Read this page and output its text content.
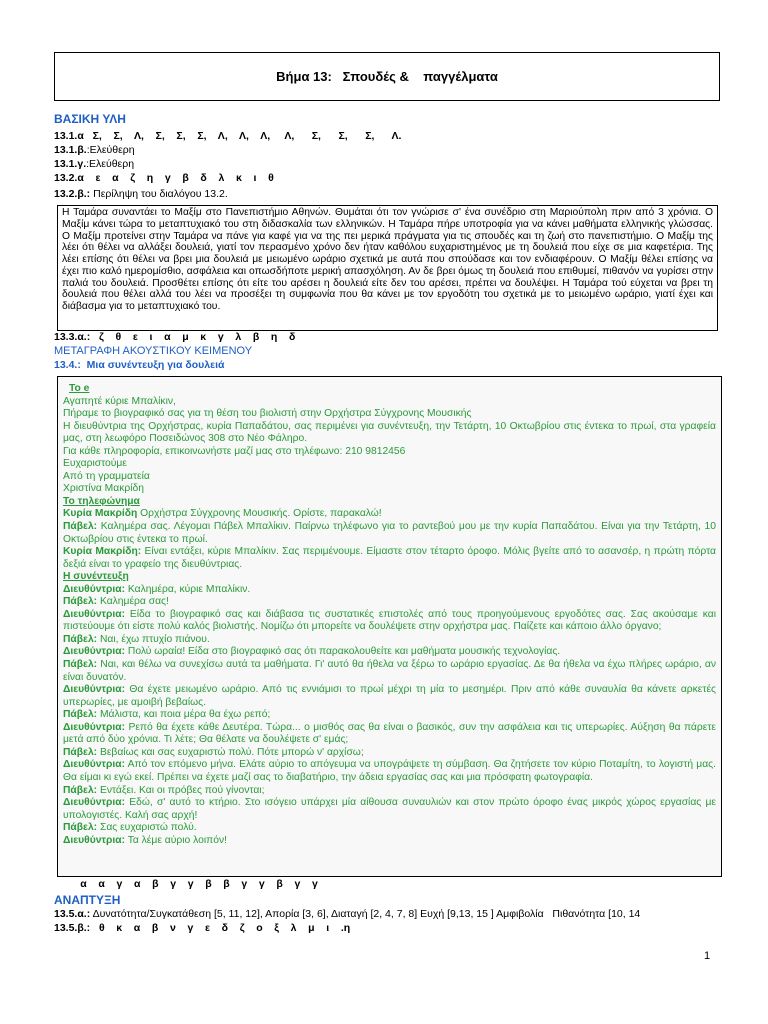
Βήμα 13:   Σπουδές &    παγγέλματα
ΒΑΣΙΚΗ ΥΛΗ
13.1.α   Σ,    Σ,    Λ,    Σ,    Σ,    Σ,    Λ,    Λ,    Λ,     Λ,      Σ,      Σ,      Σ,      Λ.
13.1.β.:Ελεύθερη
13.1.γ.:Ελεύθερη
13.2.α    ε    α    ζ    η    γ    β    δ    λ    κ    ι    θ
13.2.β.: Περίληψη του διαλόγου 13.2.
Η Ταμάρα συναντάει το Μαξίμ στο Πανεπιστήμιο Αθηνών. Θυμάται ότι τον γνώρισε σ' ένα συνέδριο στη Μαριούπολη πριν από 3 χρόνια. Ο Μαξίμ κάνει τώρα το μεταπτυχιακό του στη διδασκαλία των ελληνικών. Η Ταμάρα πήρε υποτροφία για να κάνει μαθήματα ελληνικής γλώσσας. Ο Μαξίμ προτείνει στην Ταμάρα να πάνε για καφέ για να της πει μερικά πράγματα για τις σπουδές και τη ζωή στο πανεπιστήμιο. Ο Μαξίμ της λέει ότι θέλει να αλλάξει δουλειά, γιατί τον περασμένο χρόνο δεν ήταν καθόλου ευχαριστημένος με τη δουλειά που είχε σε μια καφετέρια. Της λέει επίσης ότι θέλει να βρει μια δουλειά με μειωμένο ωράριο σχετικά με αυτά που σπούδασε και τον ενδιαφέρουν. Ο Μαξίμ θέλει επίσης να έχει πιο καλό ημερομίσθιο, ασφάλεια και οπωσδήποτε μερική απασχόληση. Αν δε βρει όμως τη δουλειά που επιθυμεί, πιθανόν να γυρίσει στην παλιά του δουλειά. Προσθέτει επίσης ότι είτε του αρέσει η δουλειά είτε δεν του αρέσει, πρέπει να δουλέψει. Η Ταμάρα τού εύχεται να βρει τη δουλειά που θέλει αλλά του λέει να προσέξει τη συμφωνία που θα κάνει με τον εργοδότη του σχετικά με το μειωμένο ωράριο, γιατί έχει και διάβασμα για το μεταπτυχιακό του.
13.3.α.:   ζ    θ    ε    ι    α    μ    κ    γ    λ    β    η    δ
ΜΕΤΑΓΡΑΦΗ ΑΚΟΥΣΤΙΚΟΥ ΚΕΙΜΕΝΟΥ
13.4.:  Μια συνέντευξη για δουλειά
Το e
Αγαπητέ κύριε Μπαλίκιν,
Πήραμε το βιογραφικό σας για τη θέση του βιολιστή στην Ορχήστρα Σύγχρονης Μουσικής
Η διευθύντρια της Ορχήστρας, κυρία Παπαδάτου, σας περιμένει για συνέντευξη, την Τετάρτη, 10 Οκτωβρίου στις έντεκα το πρωί, στα γραφεία μας, στη λεωφόρο Ποσειδώνος 308 στο Νέο Φάληρο.
Για κάθε πληροφορία, επικοινωνήστε μαζί μας στο τηλέφωνο: 210 9812456
Ευχαριστούμε
Από τη γραμματεία
Χριστίνα Μακρίδη
Το τηλεφώνημα
Κυρία Μακρίδη Ορχήστρα Σύγχρονης Μουσικής. Ορίστε, παρακαλώ!
Πάβελ: Καλημέρα σας. Λέγομαι Πάβελ Μπαλίκιν. Παίρνω τηλέφωνο για το ραντεβού μου με την κυρία Παπαδάτου. Είναι για την Τετάρτη, 10 Οκτωβρίου στις έντεκα το πρωί.
Κυρία Μακρίδη: Είναι εντάξει, κύριε Μπαλίκιν. Σας περιμένουμε. Είμαστε στον τέταρτο όροφο. Μόλις βγείτε από το ασανσέρ, η πρώτη πόρτα δεξιά είναι το γραφείο της διευθύντριας.
Η συνέντευξη
Διευθύντρια: Καλημέρα, κύριε Μπαλίκιν.
Πάβελ: Καλημέρα σας!
Διευθύντρια: Είδα το βιογραφικό σας και διάβασα τις συστατικές επιστολές από τους προηγούμενους εργοδότες σας. Σας ακούσαμε και πιστεύουμε ότι είστε πολύ καλός βιολιστής. Νομίζω ότι μπορείτε να δουλέψετε στην ορχήστρα μας. Παίζετε και κάποιο άλλο όργανο;
Πάβελ: Ναι, έχω πτυχίο πιάνου.
Διευθύντρια: Πολύ ωραία! Είδα στο βιογραφικό σας ότι παρακολουθείτε και μαθήματα μουσικής τεχνολογίας.
Πάβελ: Ναι, και θέλω να συνεχίσω αυτά τα μαθήματα. Γι' αυτό θα ήθελα να ξέρω το ωράριο εργασίας. Δε θα ήθελα να έχω πλήρες ωράριο, αν είναι δυνατόν.
Διευθύντρια: Θα έχετε μειωμένο ωράριο. Από τις εννιάμισι το πρωί μέχρι τη μία το μεσημέρι. Πριν από κάθε συναυλία θα κάνετε αρκετές υπερωρίες, με αμοιβή βεβαίως.
Πάβελ: Μάλιστα, και ποια μέρα θα έχω ρεπό;
Διευθύντρια: Ρεπό θα έχετε κάθε Δευτέρα. Τώρα... ο μισθός σας θα είναι ο βασικός, συν την ασφάλεια και τις υπερωρίες. Αύξηση θα πάρετε μετά από δύο χρόνια. Τι λέτε; Θα θέλατε να δουλέψετε σ' εμάς;
Πάβελ: Βεβαίως και σας ευχαριστώ πολύ. Πότε μπορώ ν' αρχίσω;
Διευθύντρια: Από τον επόμενο μήνα. Ελάτε αύριο το απόγευμα να υπογράψετε τη σύμβαση. Θα ζητήσετε τον κύριο Ποταμίτη, το λογιστή μας. Θα είμαι κι εγώ εκεί. Πρέπει να έχετε μαζί σας το διαβατήριο, την άδεια εργασίας σας και μια πρόσφατη φωτογραφία.
Πάβελ: Εντάξει. Και οι πρόβες πού γίνονται;
Διευθύντρια: Εδώ, σ' αυτό το κτήριο. Στο ισόγειο υπάρχει μία αίθουσα συναυλιών και στον πρώτο όροφο ένας μικρός χώρος εργασίας με υπολογιστές. Καλή σας αρχή!
Πάβελ: Σας ευχαριστώ πολύ.
Διευθύντρια: Τα λέμε αύριο λοιπόν!
α    α    γ    α    β    γ    γ    β    β    γ    γ    β    γ    γ
ΑΝΑΠΤΥΞΗ
13.5.α.: Δυνατότητα/Συγκατάθεση [5, 11, 12], Απορία [3, 6], Διαταγή [2, 4, 7, 8] Ευχή [9,13, 15 ] Αμφιβολία   Πιθανότητα [10, 14
13.5.β.:   θ    κ    α    β    ν    γ    ε    δ    ζ    ο    ξ    λ    μ    ι    .η
1
